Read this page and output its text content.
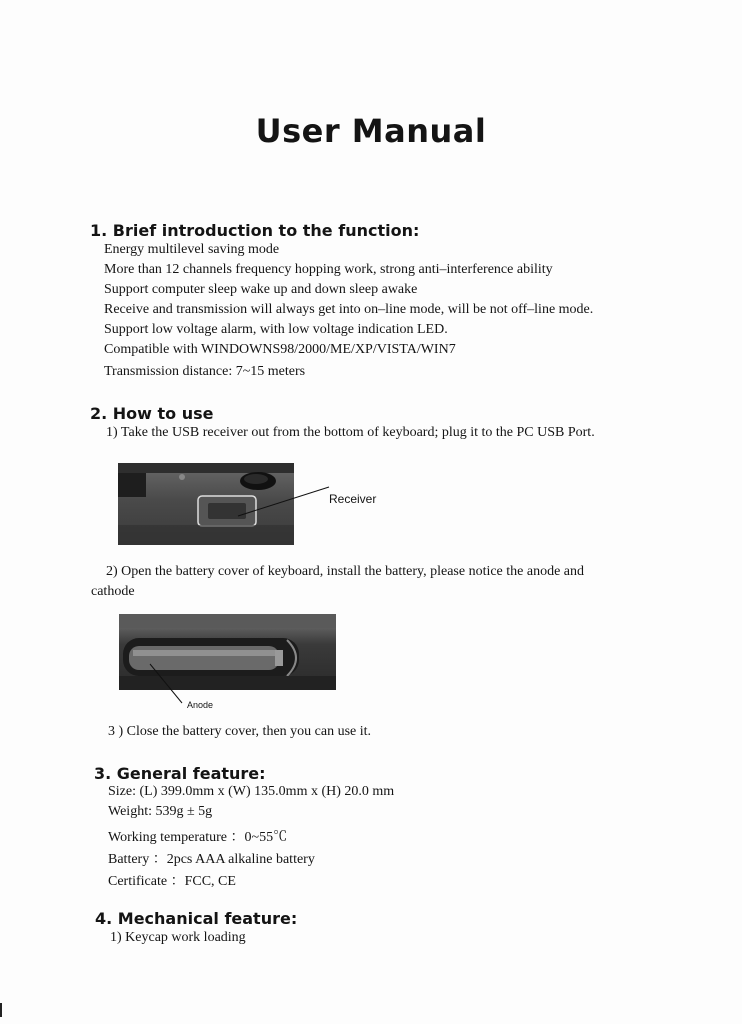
User Manual
1. Brief introduction to the function:
Energy multilevel saving mode
More than 12 channels frequency hopping work, strong anti–interference ability
Support computer sleep wake up and down sleep awake
Receive and transmission will always get into on–line mode, will be not off–line mode.
Support low voltage alarm, with low voltage indication LED.
Compatible with WINDOWNS98/2000/ME/XP/VISTA/WIN7
Transmission distance: 7~15 meters
2. How to use
1) Take the USB receiver out from the bottom of keyboard; plug it to the PC USB Port.
Receiver
2) Open the battery cover of keyboard, install the battery, please notice the anode and
cathode
Anode
3 ) Close the battery cover, then you can use it.
3. General feature:
Size: (L) 399.0mm x (W) 135.0mm x (H) 20.0 mm
Weight: 539g ± 5g
Working temperature ：0~55℃
Battery ：2pcs AAA alkaline battery
Certificate ：FCC, CE
4. Mechanical feature:
1) Keycap work loading
